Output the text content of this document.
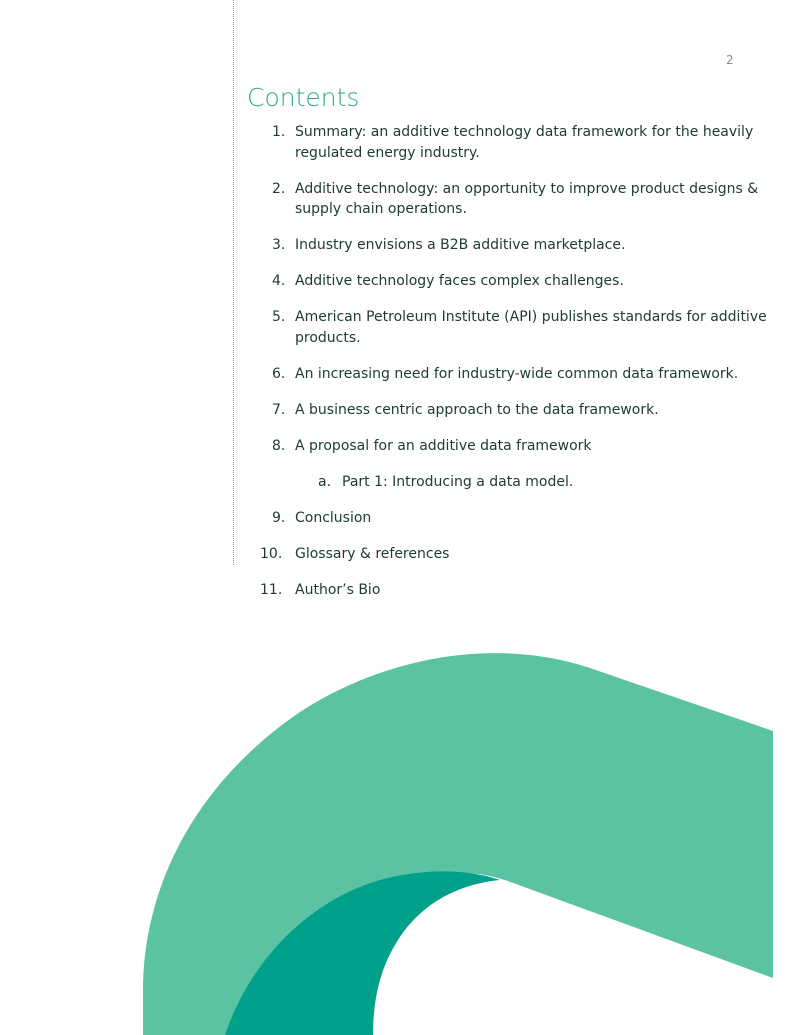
2
Contents
1. Summary: an additive technology data framework for the heavily regulated energy industry.
2. Additive technology: an opportunity to improve product designs & supply chain operations.
3. Industry envisions a B2B additive marketplace.
4. Additive technology faces complex challenges.
5. American Petroleum Institute (API) publishes standards for additive products.
6. An increasing need for industry-wide common data framework.
7. A business centric approach to the data framework.
8. A proposal for an additive data framework
a. Part 1: Introducing a data model.
9. Conclusion
10. Glossary & references
11. Author’s Bio
